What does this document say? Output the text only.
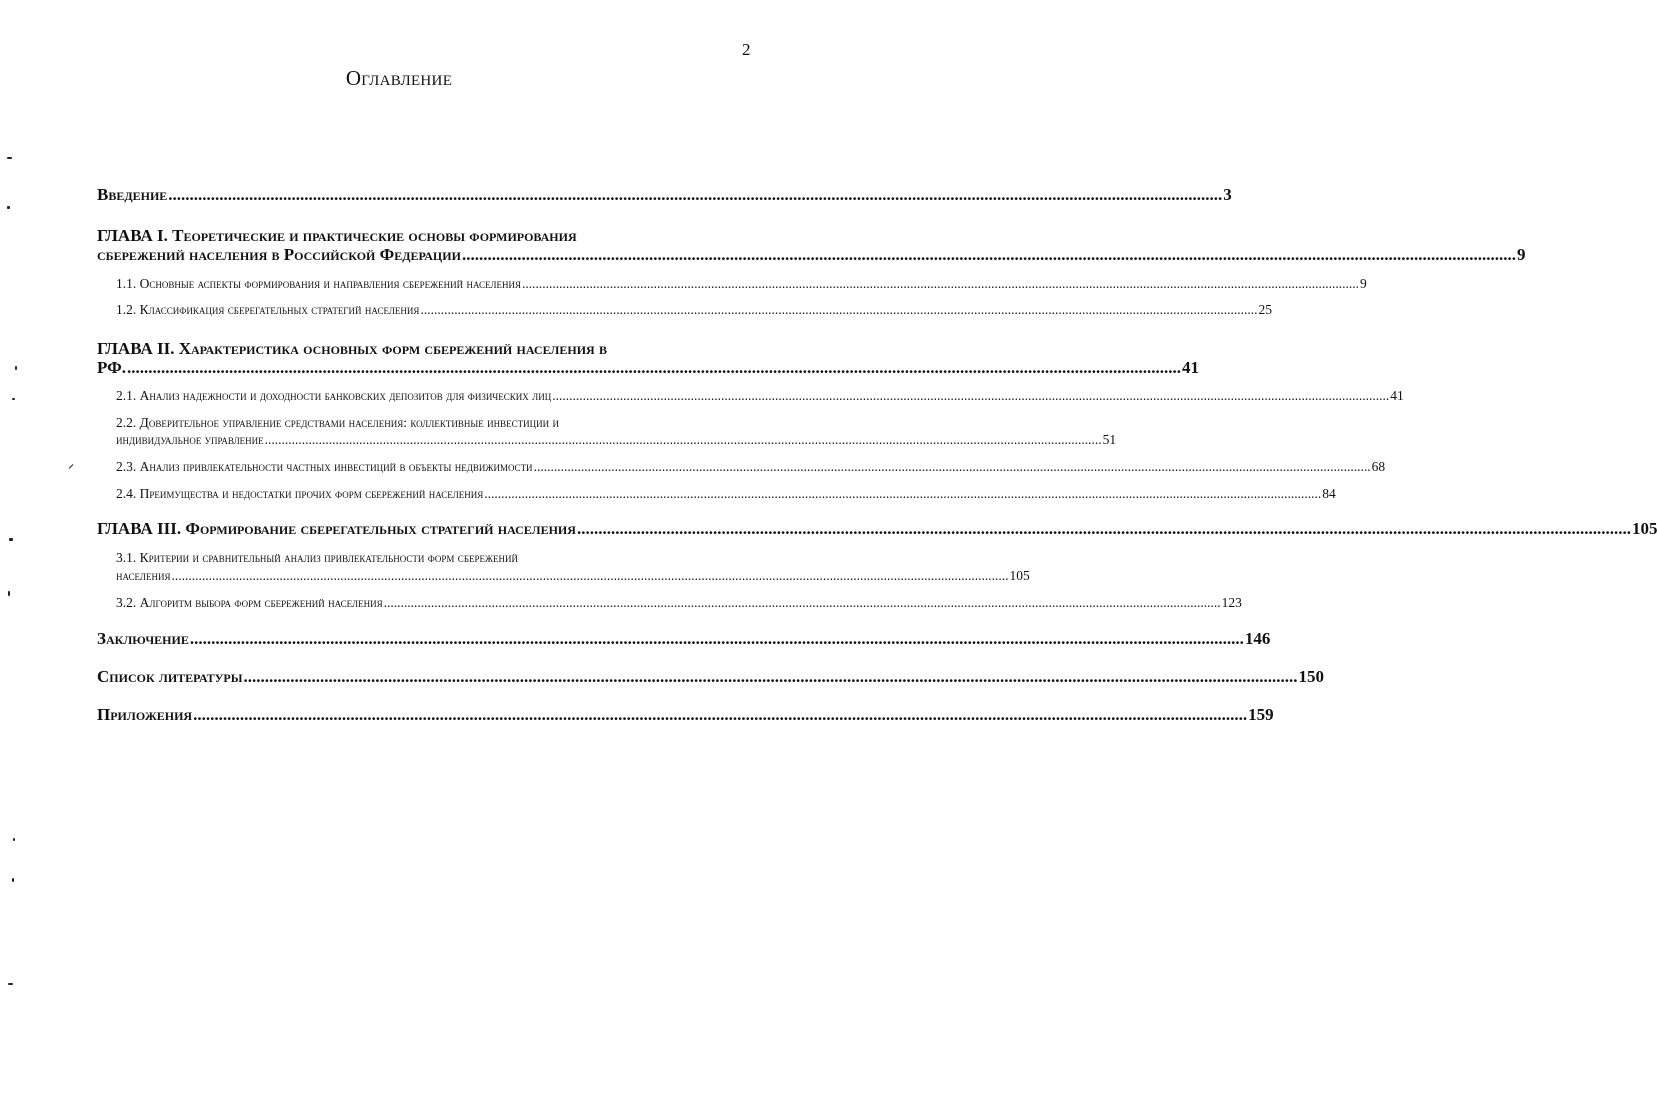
2
Оглавление
Введение ........................................................................................................................................................................................................................................................ 3
ГЛАВА I. Теоретические и практические основы формирования
сбережений населения в Российской Федерации ........................................................................................................................................................................................................................................................ 9
1.1. Основные аспекты формирования и направления сбережений населения ........................................................................................................................................................................................................................................................ 9
1.2. Классификация сберегательных стратегий населения ........................................................................................................................................................................................................................................................ 25
ГЛАВА II. Характеристика основных форм сбережений населения в
РФ. ........................................................................................................................................................................................................................................................ 41
2.1. Анализ надежности и доходности банковских депозитов для физических лиц ........................................................................................................................................................................................................................................................ 41
2.2. Доверительное управление средствами населения: коллективные инвестиции и
индивидуальное управление ........................................................................................................................................................................................................................................................ 51
2.3. Анализ привлекательности частных инвестиций в объекты недвижимости ........................................................................................................................................................................................................................................................ 68
2.4. Преимущества и недостатки прочих форм сбережений населения ........................................................................................................................................................................................................................................................ 84
ГЛАВА III. Формирование сберегательных стратегий населения ........................................................................................................................................................................................................................................................ 105
3.1. Критерии и сравнительный анализ привлекательности форм сбережений
населения ........................................................................................................................................................................................................................................................ 105
3.2. Алгоритм выбора форм сбережений населения ........................................................................................................................................................................................................................................................ 123
Заключение ........................................................................................................................................................................................................................................................ 146
Список литературы ........................................................................................................................................................................................................................................................ 150
Приложения ........................................................................................................................................................................................................................................................ 159
